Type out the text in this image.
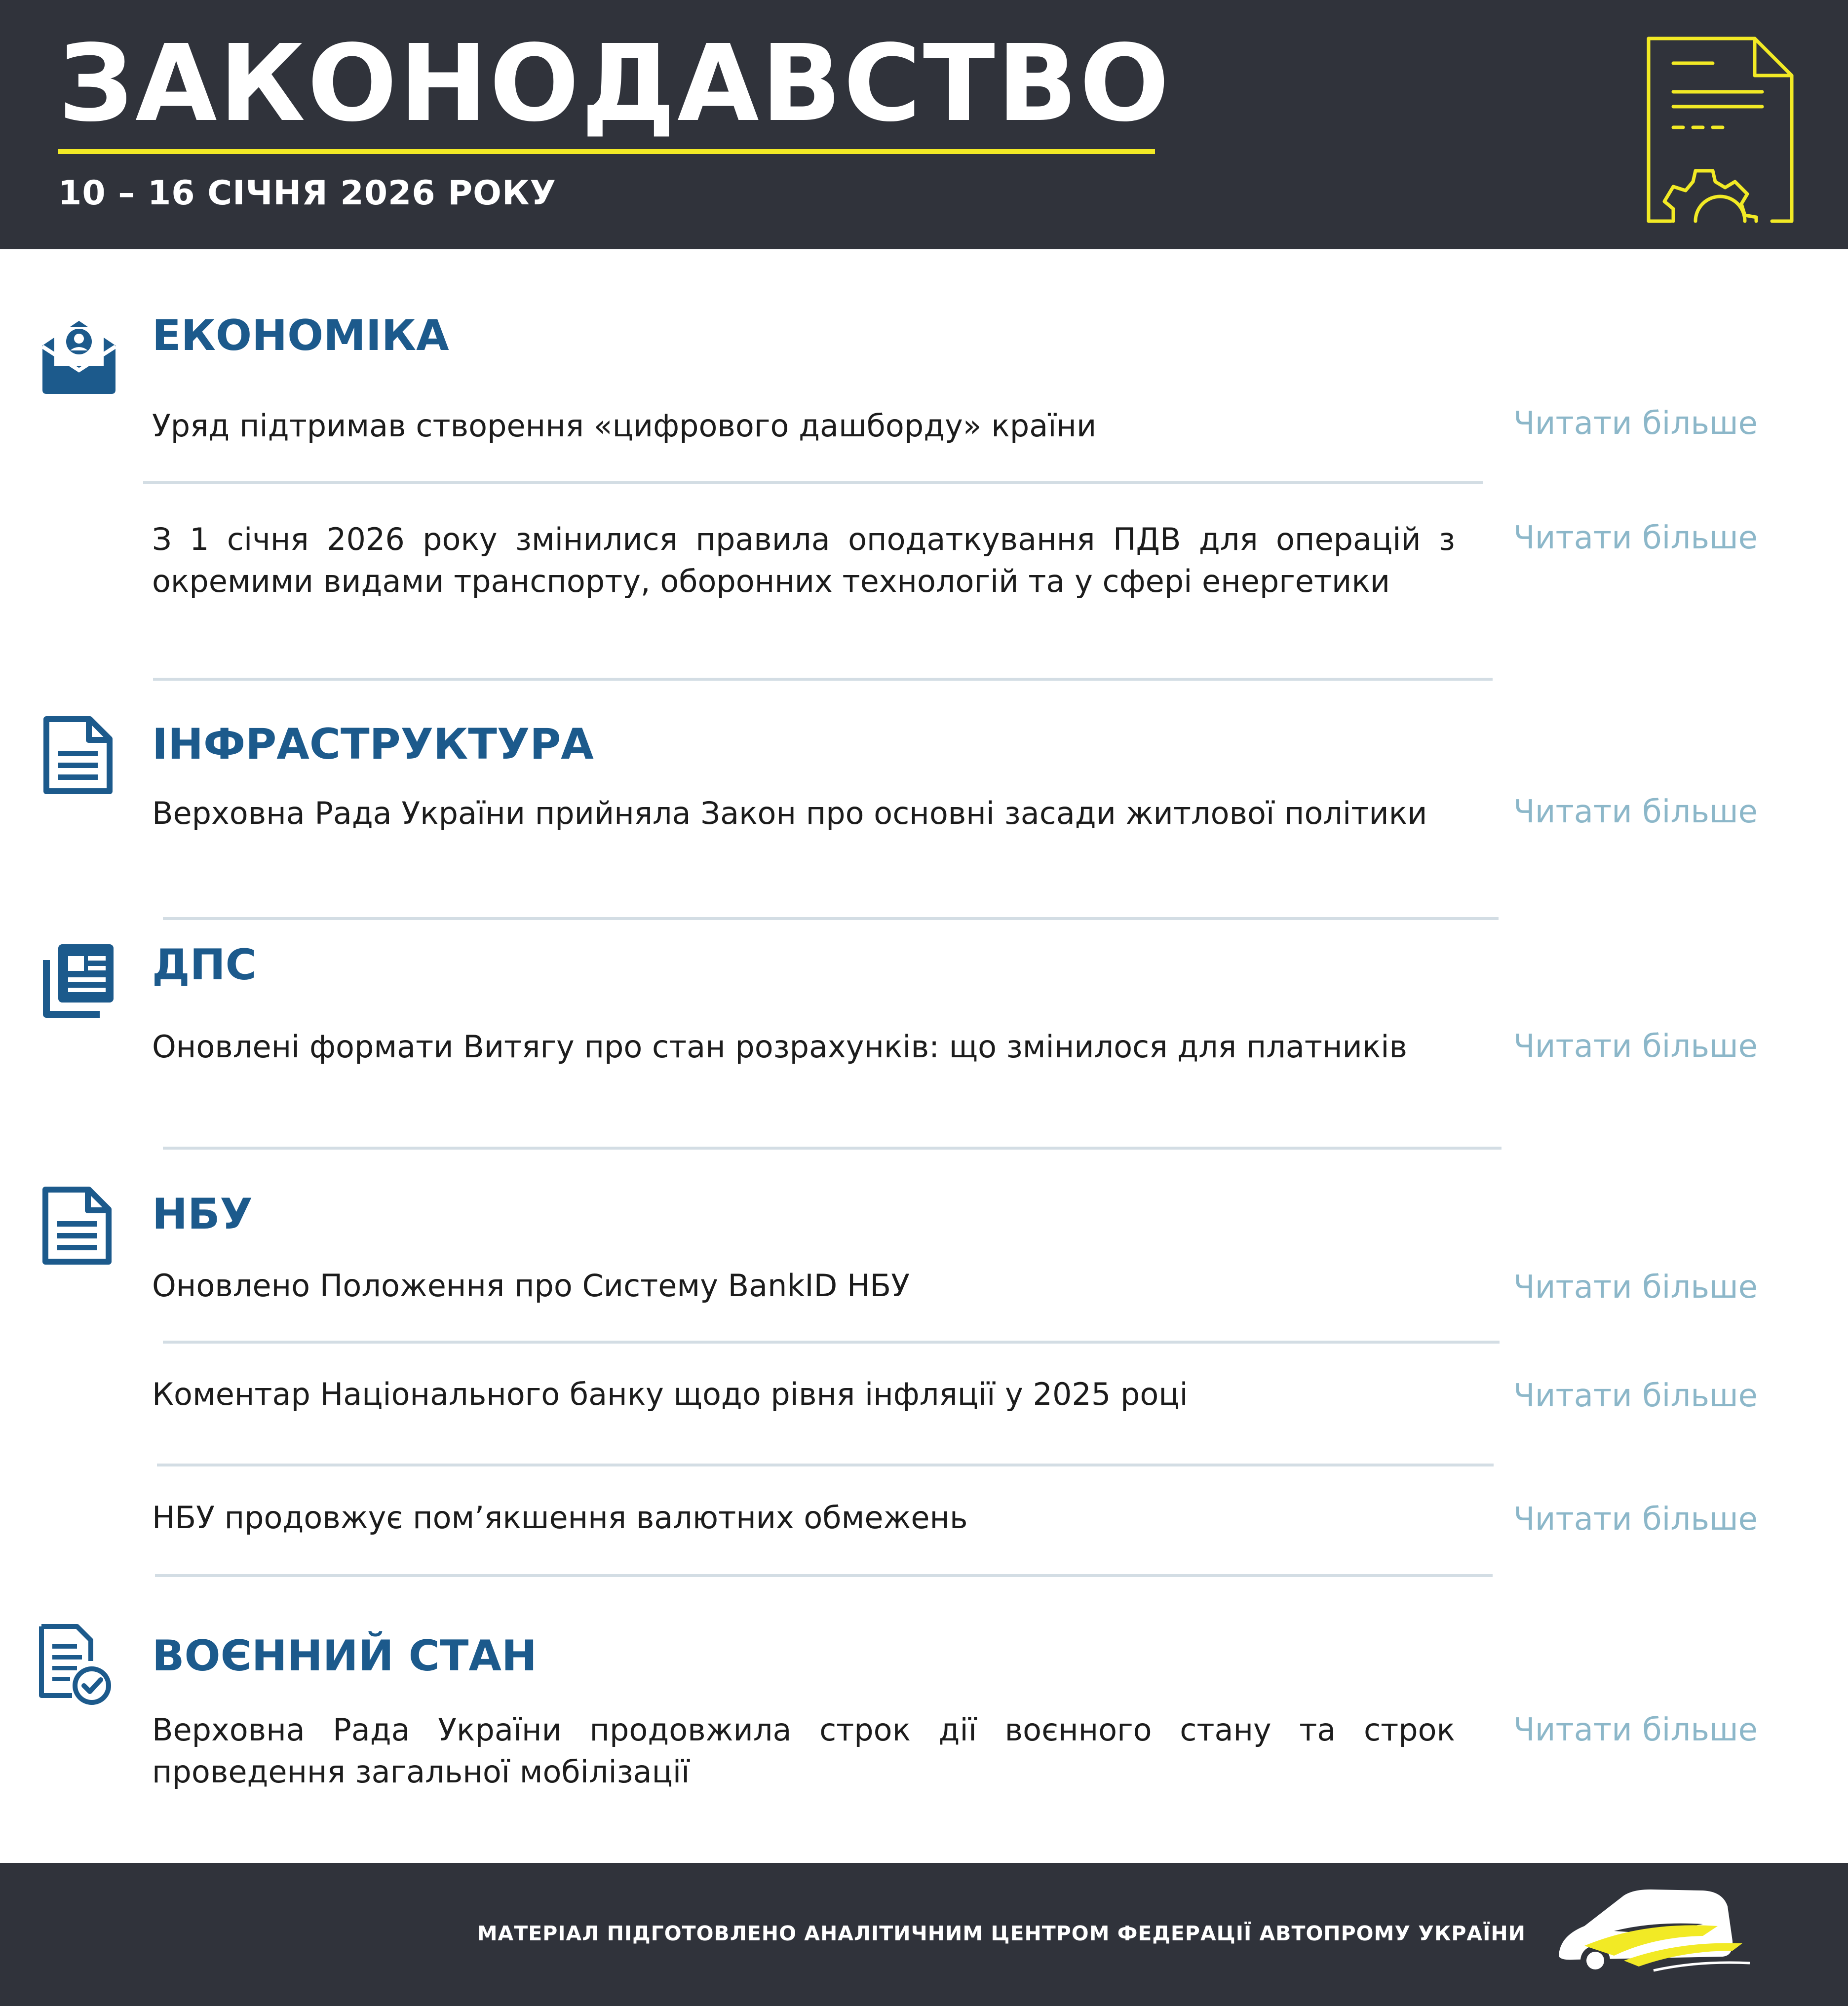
ЗАКОНОДАВСТВО
10 – 16 СІЧНЯ 2026 РОКУ
ЕКОНОМІКА
Уряд підтримав створення «цифрового дашборду» країни	Читати більше
З 1 січня 2026 року змінилися правила оподаткування ПДВ для операцій з окремими видами транспорту, оборонних технологій та у сфері енергетики
Читати більше
ІНФРАСТРУКТУРА
Верховна Рада України прийняла Закон про основні засади житлової політики	Читати більше
ДПС
Оновлені формати Витягу про стан розрахунків: що змінилося для платників	Читати більше
НБУ
Оновлено Положення про Систему BankID НБУ	Читати більше
Коментар Національного банку щодо рівня інфляції у 2025 році	Читати більше
НБУ продовжує пом’якшення валютних обмежень	Читати більше
ВОЄННИЙ СТАН
Верховна Рада України продовжила строк дії воєнного стану та строк проведення загальної мобілізації
Читати більше
МАТЕРІАЛ ПІДГОТОВЛЕНО АНАЛІТИЧНИМ ЦЕНТРОМ ФЕДЕРАЦІЇ АВТОПРОМУ УКРАЇНИ
